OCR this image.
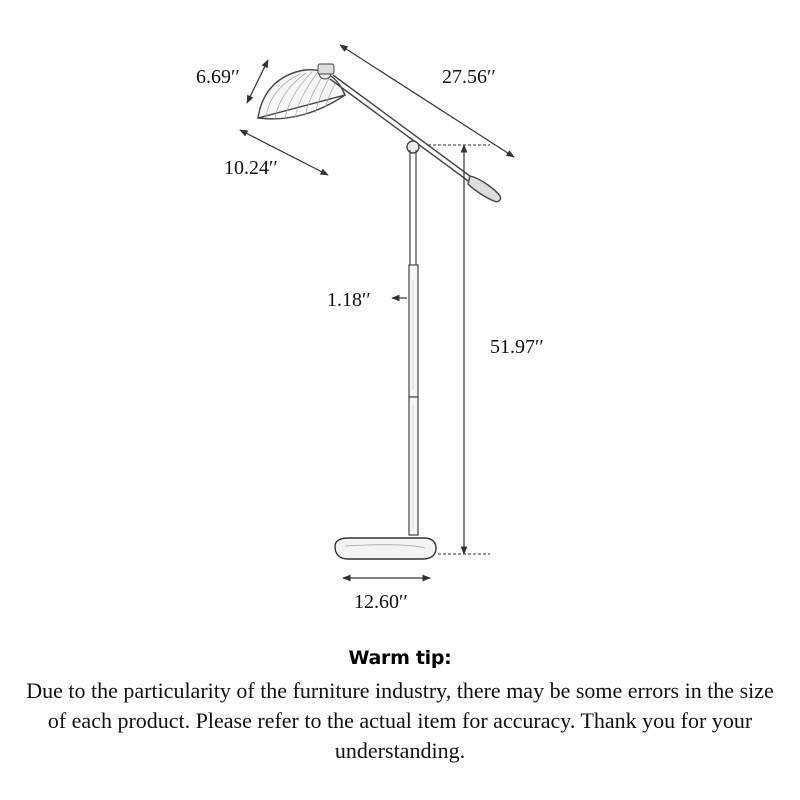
6.69′′	27.56′′
10.24′′
1.18′′
51.97′′
12.60′′
Warm tip:
Due to the particularity of the furniture industry, there may be some errors in the size of each product. Please refer to the actual item for accuracy. Thank you for your understanding.
